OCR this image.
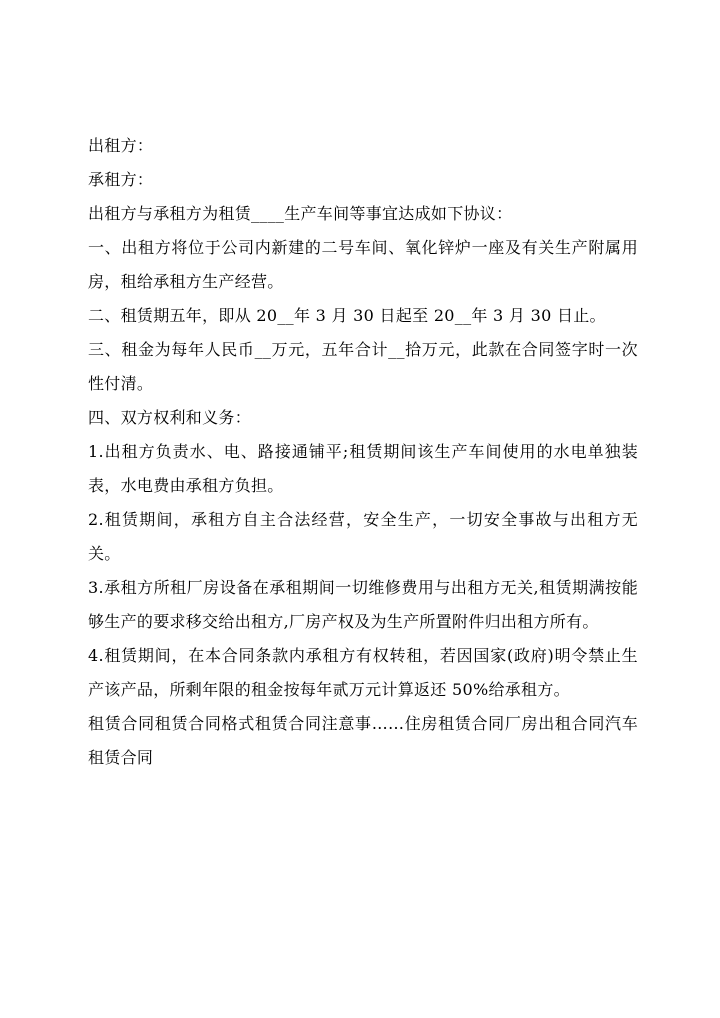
出租方：

承租方：

出租方与承租方为租赁____生产车间等事宜达成如下协议：

一、出租方将位于公司内新建的二号车间、氧化锌炉一座及有关生产附属用房，租给承租方生产经营。

二、租赁期五年，即从 20__年 3 月 30 日起至 20__年 3 月 30 日止。

三、租金为每年人民币__万元，五年合计__拾万元，此款在合同签字时一次性付清。

四、双方权利和义务：

1.出租方负责水、电、路接通铺平;租赁期间该生产车间使用的水电单独装表，水电费由承租方负担。

2.租赁期间，承租方自主合法经营，安全生产，一切安全事故与出租方无关。

3.承租方所租厂房设备在承租期间一切维修费用与出租方无关,租赁期满按能够生产的要求移交给出租方,厂房产权及为生产所置附件归出租方所有。

4.租赁期间，在本合同条款内承租方有权转租，若因国家(政府)明令禁止生产该产品，所剩年限的租金按每年贰万元计算返还 50%给承租方。

租赁合同租赁合同格式租赁合同注意事……住房租赁合同厂房出租合同汽车租赁合同
